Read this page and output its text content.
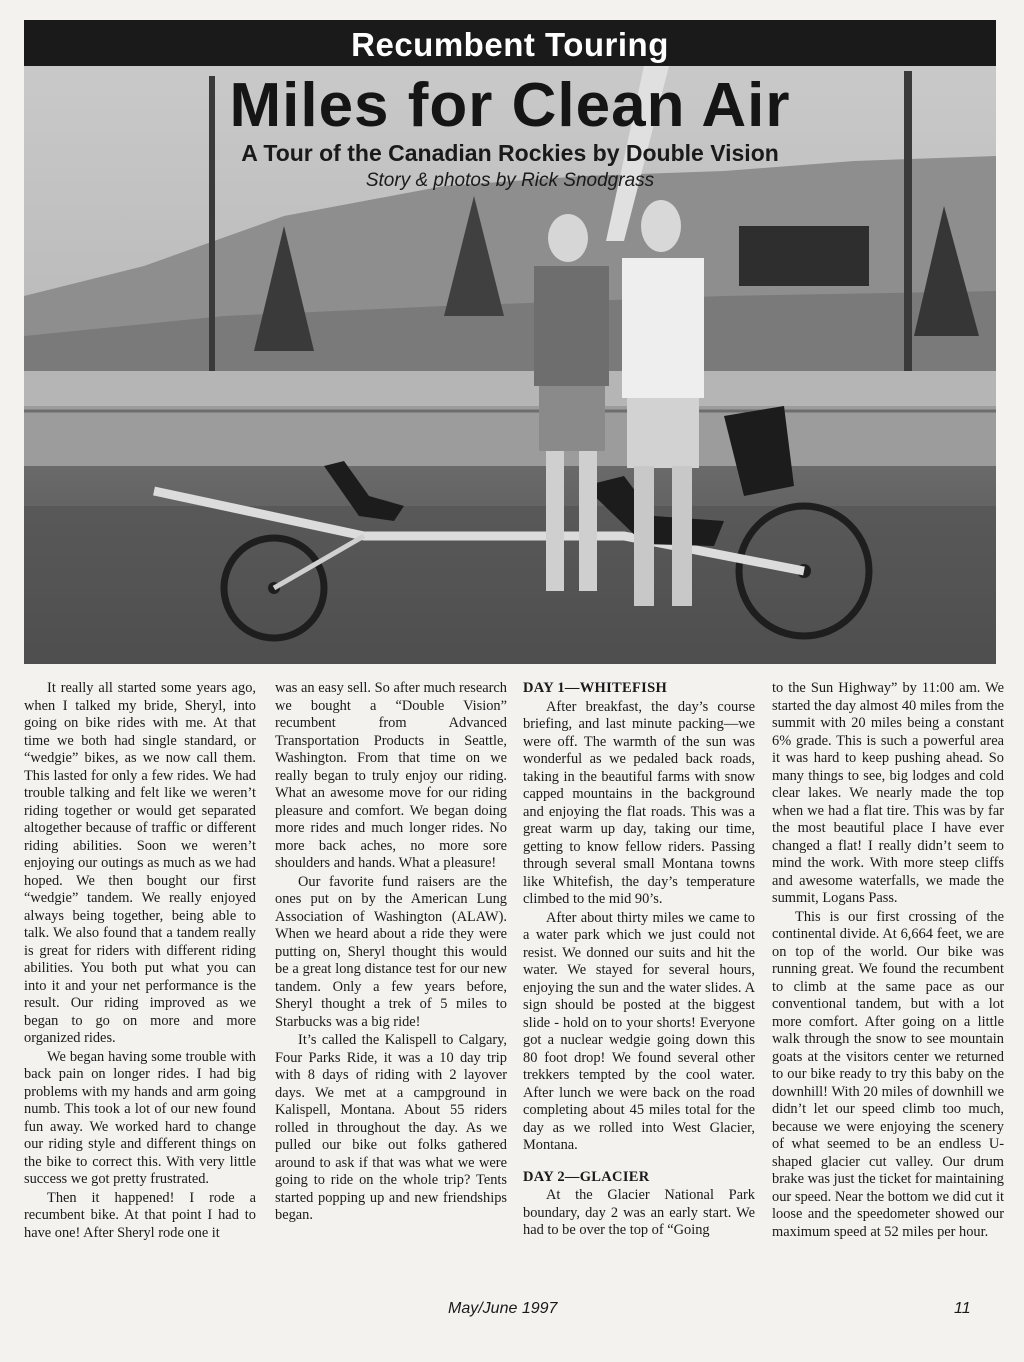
Recumbent Touring
Miles for Clean Air
A Tour of the Canadian Rockies by Double Vision
Story & photos by Rick Snodgrass

It really all started some years ago, when I talked my bride, Sheryl, into going on bike rides with me. At that time we both had single standard, or “wedgie” bikes, as we now call them. This lasted for only a few rides. We had trouble talking and felt like we weren’t riding together or would get separated altogether because of traffic or different riding abilities. Soon we weren’t enjoying our outings as much as we had hoped. We then bought our first “wedgie” tandem. We really enjoyed always being together, being able to talk. We also found that a tandem really is great for riders with different riding abilities. You both put what you can into it and your net performance is the result. Our riding improved as we began to go on more and more organized rides.

We began having some trouble with back pain on longer rides. I had big problems with my hands and arm going numb. This took a lot of our new found fun away. We worked hard to change our riding style and different things on the bike to correct this. With very little success we got pretty frustrated.

Then it happened! I rode a recumbent bike. At that point I had to have one! After Sheryl rode one it

was an easy sell. So after much research we bought a “Double Vision” recumbent from Advanced Transportation Products in Seattle, Washington. From that time on we really began to truly enjoy our riding. What an awesome move for our riding pleasure and comfort. We began doing more rides and much longer rides. No more back aches, no more sore shoulders and hands. What a pleasure!

Our favorite fund raisers are the ones put on by the American Lung Association of Washington (ALAW). When we heard about a ride they were putting on, Sheryl thought this would be a great long distance test for our new tandem. Only a few years before, Sheryl thought a trek of 5 miles to Starbucks was a big ride!

It’s called the Kalispell to Calgary, Four Parks Ride, it was a 10 day trip with 8 days of riding with 2 layover days. We met at a campground in Kalispell, Montana. About 55 riders rolled in throughout the day. As we pulled our bike out folks gathered around to ask if that was what we were going to ride on the whole trip? Tents started popping up and new friendships began.

DAY 1—WHITEFISH

After breakfast, the day’s course briefing, and last minute packing—we were off. The warmth of the sun was wonderful as we pedaled back roads, taking in the beautiful farms with snow capped mountains in the background and enjoying the flat roads. This was a great warm up day, taking our time, getting to know fellow riders. Passing through several small Montana towns like Whitefish, the day’s temperature climbed to the mid 90’s.

After about thirty miles we came to a water park which we just could not resist. We donned our suits and hit the water. We stayed for several hours, enjoying the sun and the water slides. A sign should be posted at the biggest slide - hold on to your shorts! Everyone got a nuclear wedgie going down this 80 foot drop! We found several other trekkers tempted by the cool water. After lunch we were back on the road completing about 45 miles total for the day as we rolled into West Glacier, Montana.

DAY 2—GLACIER

At the Glacier National Park boundary, day 2 was an early start. We had to be over the top of “Going

to the Sun Highway” by 11:00 am. We started the day almost 40 miles from the summit with 20 miles being a constant 6% grade. This is such a powerful area it was hard to keep pushing ahead. So many things to see, big lodges and cold clear lakes. We nearly made the top when we had a flat tire. This was by far the most beautiful place I have ever changed a flat! I really didn’t seem to mind the work. With more steep cliffs and awesome waterfalls, we made the summit, Logans Pass.

This is our first crossing of the continental divide. At 6,664 feet, we are on top of the world. Our bike was running great. We found the recumbent to climb at the same pace as our conventional tandem, but with a lot more comfort. After going on a little walk through the snow to see mountain goats at the visitors center we returned to our bike ready to try this baby on the downhill! With 20 miles of downhill we didn’t let our speed climb too much, because we were enjoying the scenery of what seemed to be an endless U-shaped glacier cut valley. Our drum brake was just the ticket for maintaining our speed. Near the bottom we did cut it loose and the speedometer showed our maximum speed at 52 miles per hour.

May/June 1997	11
